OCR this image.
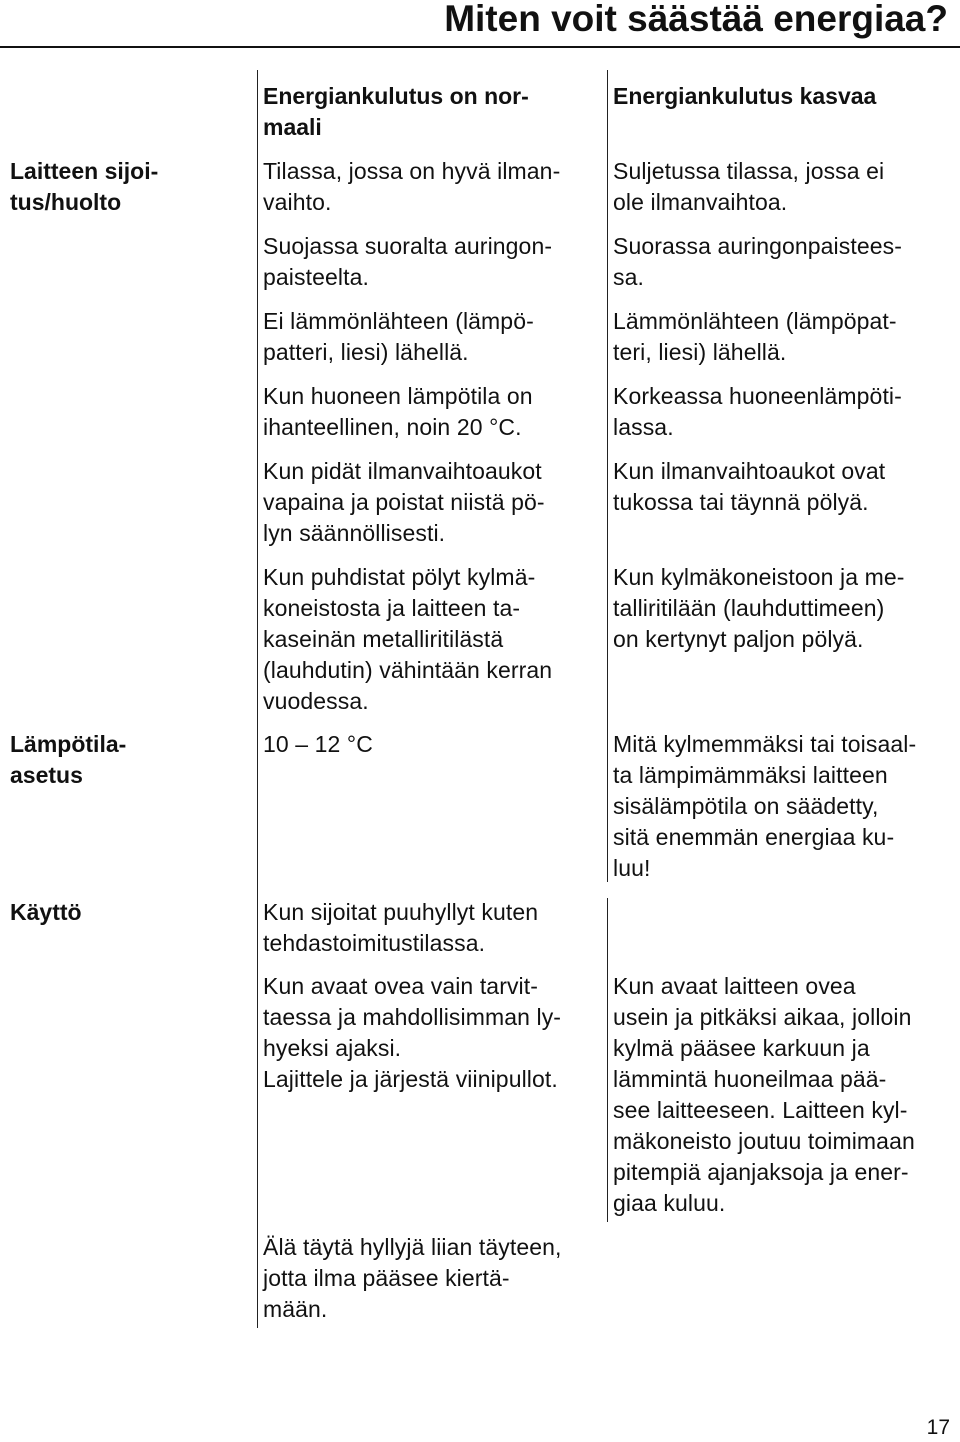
Miten voit säästää energiaa?
Energiankulutus on nor-
maali
Energiankulutus kasvaa
Laitteen sijoi-
tus/huolto
Lämpötila-
asetus
Käyttö
Tilassa, jossa on hyvä ilman-
vaihto.
Suojassa suoralta auringon-
paisteelta.
Ei lämmönlähteen (lämpö-
patteri, liesi) lähellä.
Kun huoneen lämpötila on
ihanteellinen, noin 20 °C.
Kun pidät ilmanvaihtoaukot
vapaina ja poistat niistä pö-
lyn säännöllisesti.
Kun puhdistat pölyt kylmä-
koneistosta ja laitteen ta-
kaseinän metalliritilästä
(lauhdutin) vähintään kerran
vuodessa.
10 – 12 °C
Kun sijoitat puuhyllyt kuten
tehdastoimitustilassa.
Kun avaat ovea vain tarvit-
taessa ja mahdollisimman ly-
hyeksi ajaksi.
Lajittele ja järjestä viinipullot.
Älä täytä hyllyjä liian täyteen,
jotta ilma pääsee kiertä-
mään.
Suljetussa tilassa, jossa ei
ole ilmanvaihtoa.
Suorassa auringonpaistees-
sa.
Lämmönlähteen (lämpöpat-
teri, liesi) lähellä.
Korkeassa huoneenlämpöti-
lassa.
Kun ilmanvaihtoaukot ovat
tukossa tai täynnä pölyä.
Kun kylmäkoneistoon ja me-
talliritilään (lauhduttimeen)
on kertynyt paljon pölyä.
Mitä kylmemmäksi tai toisaal-
ta lämpimämmäksi laitteen
sisälämpötila on säädetty,
sitä enemmän energiaa ku-
luu!
Kun avaat laitteen ovea
usein ja pitkäksi aikaa, jolloin
kylmä pääsee karkuun ja
lämmintä huoneilmaa pää-
see laitteeseen. Laitteen kyl-
mäkoneisto joutuu toimimaan
pitempiä ajanjaksoja ja ener-
giaa kuluu.
17
